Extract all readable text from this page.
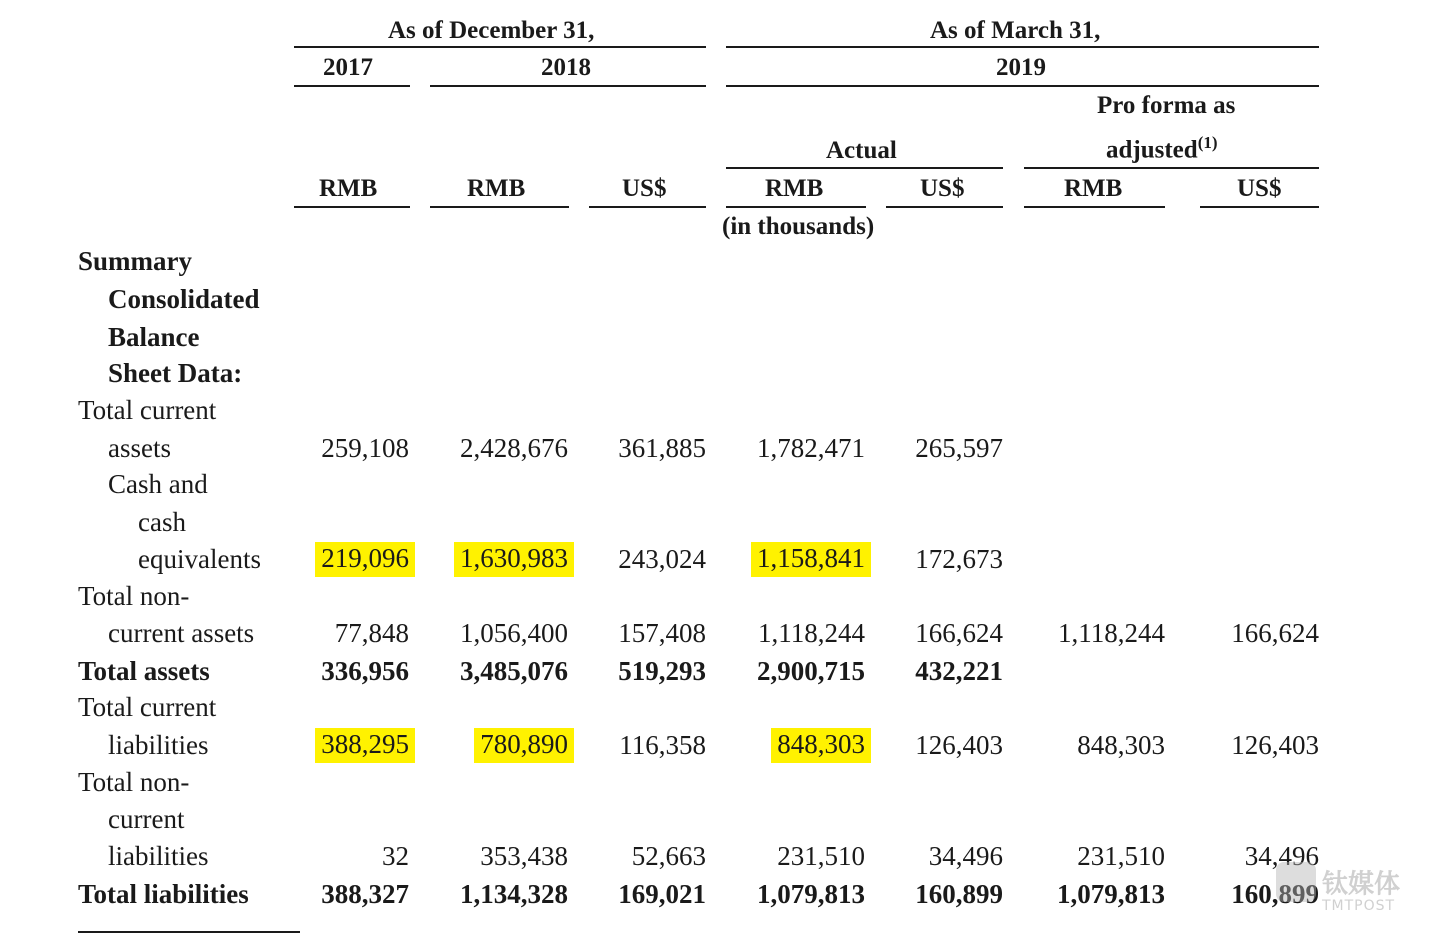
As of December 31,	As of March 31,
2017	2018	2019
Pro forma as
Actual	adjusted$^{(1)}$
RMB	RMB	US$	RMB	US$	RMB	US$
(in thousands)
Summary
Consolidated
Balance
Sheet Data:
Total current
assets	259,108 2,428,676 361,885 1,782,471 265,597
Cash and
cash
equivalents 219,096 1,630,983 243,024 1,158,841 172,673
Total non-
current assets	77,848 1,056,400 157,408 1,118,244 166,624 1,118,244 166,624
Total assets	336,956 3,485,076 519,293 2,900,715 432,221
Total current
liabilities	388,295	780,890 116,358	848,303 126,403	848,303 126,403
Total non-
current
liabilities	32	353,438 52,663	231,510 34,496	231,510	34,496
Total liabilities	388,327 1,134,328 169,021 1,079,813 160,899 1,079,813 160,899 钛媒体
TMTPOST
